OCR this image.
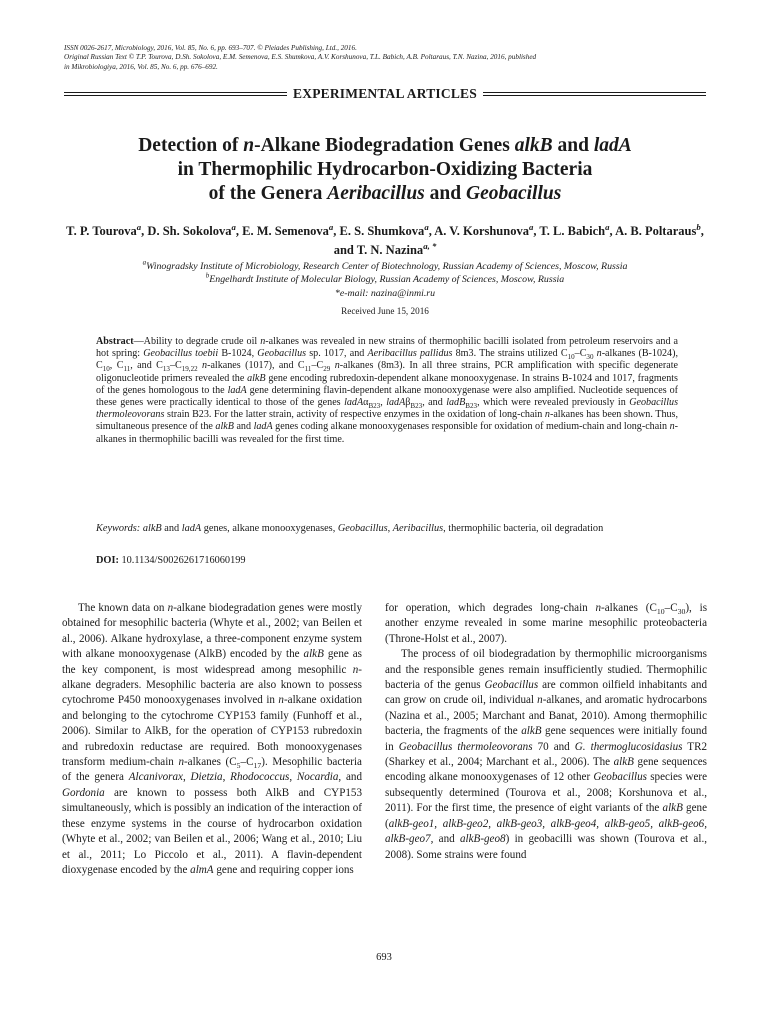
ISSN 0026-2617, Microbiology, 2016, Vol. 85, No. 6, pp. 693–707. © Pleiades Publishing, Ltd., 2016.
Original Russian Text © T.P. Tourova, D.Sh. Sokolova, E.M. Semenova, E.S. Shumkova, A.V. Korshunova, T.L. Babich, A.B. Poltaraus, T.N. Nazina, 2016, published
in Mikrobiologiya, 2016, Vol. 85, No. 6, pp. 676–692.
EXPERIMENTAL ARTICLES
Detection of n-Alkane Biodegradation Genes alkB and ladA
in Thermophilic Hydrocarbon-Oxidizing Bacteria
of the Genera Aeribacillus and Geobacillus
T. P. Tourova$^a$, D. Sh. Sokolova$^a$, E. M. Semenova$^a$, E. S. Shumkova$^a$, A. V. Korshunova$^a$, T. L. Babich$^a$, A. B. Poltaraus$^b$, and T. N. Nazina$^{a, *}$
$^a$Winogradsky Institute of Microbiology, Research Center of Biotechnology, Russian Academy of Sciences, Moscow, Russia
$^b$Engelhardt Institute of Molecular Biology, Russian Academy of Sciences, Moscow, Russia
*e-mail: nazina@inmi.ru
Received June 15, 2016
Abstract—Ability to degrade crude oil n-alkanes was revealed in new strains of thermophilic bacilli isolated from petroleum reservoirs and a hot spring: Geobacillus toebii B-1024, Geobacillus sp. 1017, and Aeribacillus pallidus 8m3. The strains utilized $C_{10}-C_{30}$ n-alkanes (B-1024), $C_{10}$, $C_{11}$, and $C_{13}-C_{19,22}$ n-alkanes (1017), and $C_{11}-C_{29}$ n-alkanes (8m3). In all three strains, PCR amplification with specific degenerate oligonucleotide primers revealed the alkB gene encoding rubredoxin-dependent alkane monooxygenase. In strains B-1024 and 1017, fragments of the genes homologous to the ladA gene determining flavin-dependent alkane monooxygenase were also amplified. Nucleotide sequences of these genes were practically identical to those of the genes ladAα$_{B23}$, ladAβ$_{B23}$, and ladB$_{B23}$, which were revealed previously in Geobacillus thermoleovorans strain B23. For the latter strain, activity of respective enzymes in the oxidation of long-chain n-alkanes has been shown. Thus, simultaneous presence of the alkB and ladA genes coding alkane monooxygenases responsible for oxidation of medium-chain and long-chain n-alkanes in thermophilic bacilli was revealed for the first time.
Keywords: alkB and ladA genes, alkane monooxygenases, Geobacillus, Aeribacillus, thermophilic bacteria, oil degradation
DOI: 10.1134/S0026261716060199

The known data on n-alkane biodegradation genes were mostly obtained for mesophilic bacteria (Whyte et al., 2002; van Beilen et al., 2006). Alkane hydroxylase, a three-component enzyme system with alkane monooxygenase (AlkB) encoded by the alkB gene as the key component, is most widespread among mesophilic n-alkane degraders. Mesophilic bacteria are also known to possess cytochrome P450 monooxygenases involved in n-alkane oxidation and belonging to the cytochrome CYP153 family (Funhoff et al., 2006). Similar to AlkB, for the operation of CYP153 rubredoxin and rubredoxin reductase are required. Both monooxygenases transform medium-chain n-alkanes $(C_5-C_{17})$. Mesophilic bacteria of the genera Alcanivorax, Dietzia, Rhodococcus, Nocardia, and Gordonia are known to possess both AlkB and CYP153 simultaneously, which is possibly an indication of the interaction of these enzyme systems in the course of hydrocarbon oxidation (Whyte et al., 2002; van Beilen et al., 2006; Wang et al., 2010; Liu et al., 2011; Lo Piccolo et al., 2011). A flavin-dependent dioxygenase encoded by the almA gene and requiring copper ions

for operation, which degrades long-chain n-alkanes $(C_{10}-C_{30})$, is another enzyme revealed in some marine mesophilic proteobacteria (Throne-Holst et al., 2007).

The process of oil biodegradation by thermophilic microorganisms and the responsible genes remain insufficiently studied. Thermophilic bacteria of the genus Geobacillus are common oilfield inhabitants and can grow on crude oil, individual n-alkanes, and aromatic hydrocarbons (Nazina et al., 2005; Marchant and Banat, 2010). Among thermophilic bacteria, the fragments of the alkB gene sequences were initially found in Geobacillus thermoleovorans 70 and G. thermoglucosidasius TR2 (Sharkey et al., 2004; Marchant et al., 2006). The alkB gene sequences encoding alkane monooxygenases of 12 other Geobacillus species were subsequently determined (Tourova et al., 2008; Korshunova et al., 2011). For the first time, the presence of eight variants of the alkB gene (alkB-geo1, alkB-geo2, alkB-geo3, alkB-geo4, alkB-geo5, alkB-geo6, alkB-geo7, and alkB-geo8) in geobacilli was shown (Tourova et al., 2008). Some strains were found

693
